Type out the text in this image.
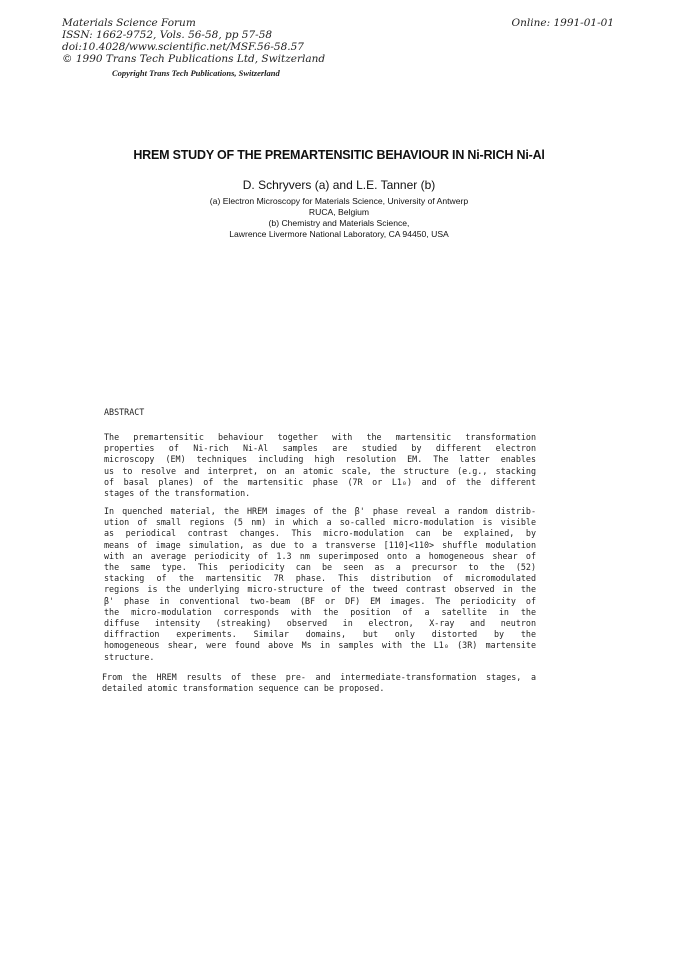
Materials Science Forum
ISSN: 1662-9752, Vols. 56-58, pp 57-58
doi:10.4028/www.scientific.net/MSF.56-58.57
© 1990 Trans Tech Publications Ltd, Switzerland
Online: 1991-01-01
Copyright Trans Tech Publications, Switzerland
HREM STUDY OF THE PREMARTENSITIC BEHAVIOUR IN Ni-RICH Ni-Al
D. Schryvers (a) and L.E. Tanner (b)
(a) Electron Microscopy for Materials Science, University of Antwerp
RUCA, Belgium
(b) Chemistry and Materials Science,
Lawrence Livermore National Laboratory, CA 94450, USA
ABSTRACT
The premartensitic behaviour together with the martensitic transformation
properties of Ni-rich Ni-Al samples are studied by different electron
microscopy (EM) techniques including high resolution EM. The latter enables
us to resolve and interpret, on an atomic scale, the structure (e.g., stacking
of basal planes) of the martensitic phase (7R or L1₀) and of the different
stages of the transformation.
In quenched material, the HREM images of the β' phase reveal a random distrib-
ution of small regions (5 nm) in which a so-called micro-modulation is visible
as periodical contrast changes. This micro-modulation can be explained, by
means of image simulation, as due to a transverse [110]<110> shuffle modulation
with an average periodicity of 1.3 nm superimposed onto a homogeneous shear of
the same type. This periodicity can be seen as a precursor to the (52)
stacking of the martensitic 7R phase. This distribution of micromodulated
regions is the underlying micro-structure of the tweed contrast observed in the
β' phase in conventional two-beam (BF or DF) EM images. The periodicity of
the micro-modulation corresponds with the position of a satellite in the
diffuse intensity (streaking) observed in electron, X-ray and neutron
diffraction experiments. Similar domains, but only distorted by the
homogeneous shear, were found above Ms in samples with the L1₀ (3R) martensite
structure.
From the HREM results of these pre- and intermediate-transformation stages, a
detailed atomic transformation sequence can be proposed.
